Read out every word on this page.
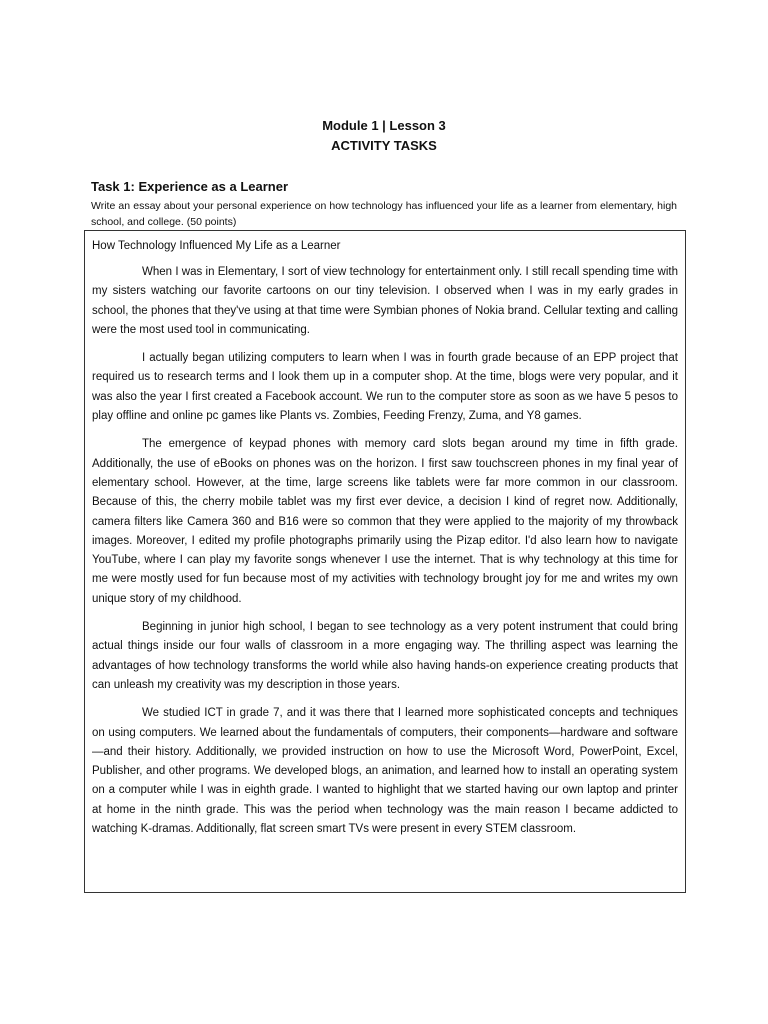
Module 1 | Lesson 3
ACTIVITY TASKS
Task 1: Experience as a Learner
Write an essay about your personal experience on how technology has influenced your life as a learner from elementary, high school, and college. (50 points)
How Technology Influenced My Life as a Learner

When I was in Elementary, I sort of view technology for entertainment only. I still recall spending time with my sisters watching our favorite cartoons on our tiny television. I observed when I was in my early grades in school, the phones that they've using at that time were Symbian phones of Nokia brand. Cellular texting and calling were the most used tool in communicating.

I actually began utilizing computers to learn when I was in fourth grade because of an EPP project that required us to research terms and I look them up in a computer shop. At the time, blogs were very popular, and it was also the year I first created a Facebook account. We run to the computer store as soon as we have 5 pesos to play offline and online pc games like Plants vs. Zombies, Feeding Frenzy, Zuma, and Y8 games.

The emergence of keypad phones with memory card slots began around my time in fifth grade. Additionally, the use of eBooks on phones was on the horizon. I first saw touchscreen phones in my final year of elementary school. However, at the time, large screens like tablets were far more common in our classroom. Because of this, the cherry mobile tablet was my first ever device, a decision I kind of regret now. Additionally, camera filters like Camera 360 and B16 were so common that they were applied to the majority of my throwback images. Moreover, I edited my profile photographs primarily using the Pizap editor. I'd also learn how to navigate YouTube, where I can play my favorite songs whenever I use the internet. That is why technology at this time for me were mostly used for fun because most of my activities with technology brought joy for me and writes my own unique story of my childhood.

Beginning in junior high school, I began to see technology as a very potent instrument that could bring actual things inside our four walls of classroom in a more engaging way. The thrilling aspect was learning the advantages of how technology transforms the world while also having hands-on experience creating products that can unleash my creativity was my description in those years.

We studied ICT in grade 7, and it was there that I learned more sophisticated concepts and techniques on using computers. We learned about the fundamentals of computers, their components—hardware and software—and their history. Additionally, we provided instruction on how to use the Microsoft Word, PowerPoint, Excel, Publisher, and other programs. We developed blogs, an animation, and learned how to install an operating system on a computer while I was in eighth grade. I wanted to highlight that we started having our own laptop and printer at home in the ninth grade. This was the period when technology was the main reason I became addicted to watching K-dramas. Additionally, flat screen smart TVs were present in every STEM classroom.
